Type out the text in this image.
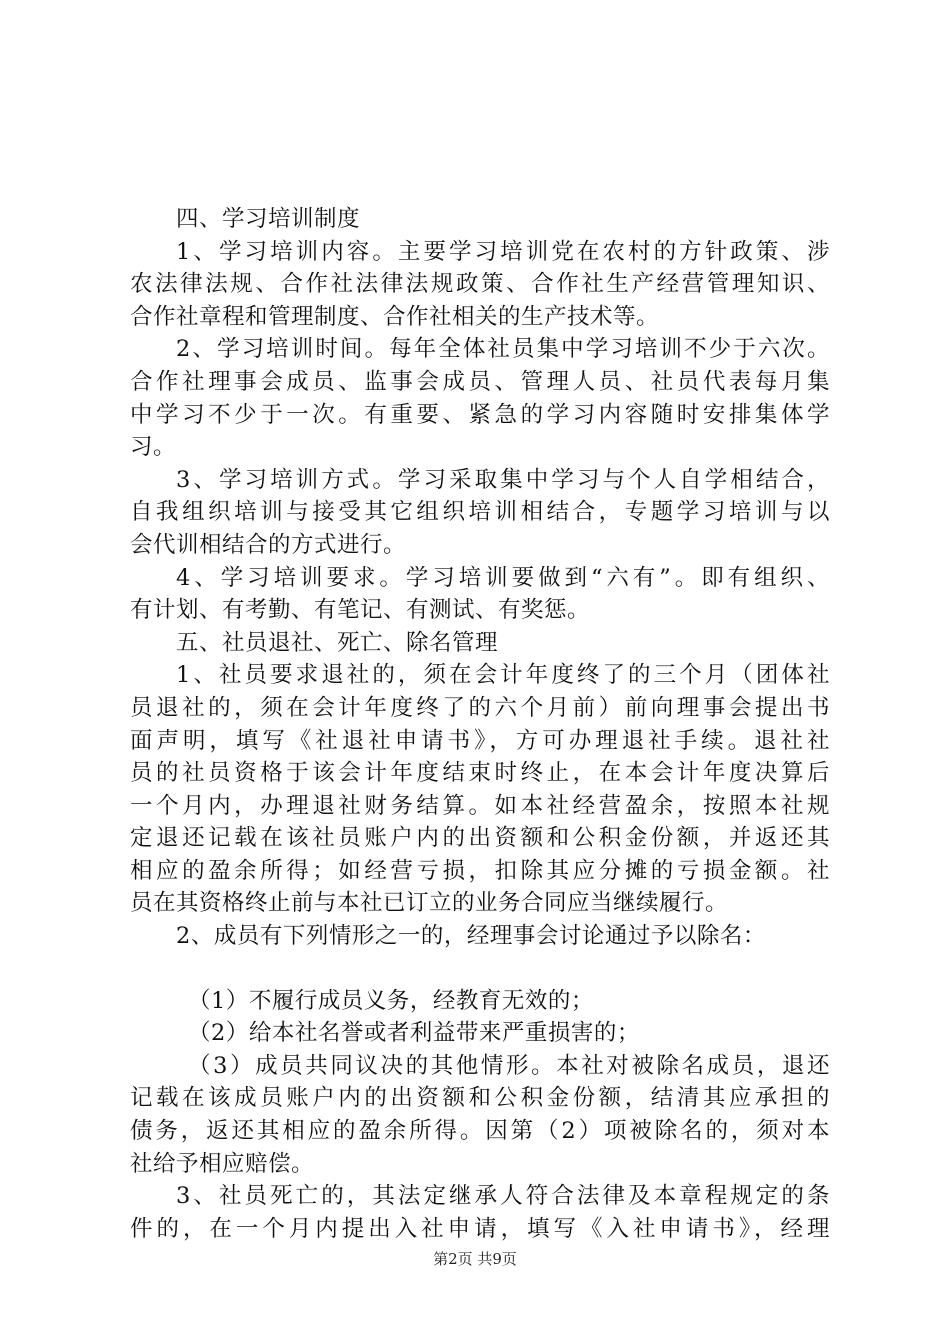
四、学习培训制度
1、学习培训内容。主要学习培训党在农村的方针政策、涉
农法律法规、合作社法律法规政策、合作社生产经营管理知识、
合作社章程和管理制度、合作社相关的生产技术等。
2、学习培训时间。每年全体社员集中学习培训不少于六次。
合作社理事会成员、监事会成员、管理人员、社员代表每月集
中学习不少于一次。有重要、紧急的学习内容随时安排集体学
习。
3、学习培训方式。学习采取集中学习与个人自学相结合，
自我组织培训与接受其它组织培训相结合，专题学习培训与以
会代训相结合的方式进行。
4、学习培训要求。学习培训要做到“六有”。即有组织、
有计划、有考勤、有笔记、有测试、有奖惩。
五、社员退社、死亡、除名管理
1、社员要求退社的，须在会计年度终了的三个月（团体社
员退社的，须在会计年度终了的六个月前）前向理事会提出书
面声明，填写《社退社申请书》，方可办理退社手续。退社社
员的社员资格于该会计年度结束时终止，在本会计年度决算后
一个月内，办理退社财务结算。如本社经营盈余，按照本社规
定退还记载在该社员账户内的出资额和公积金份额，并返还其
相应的盈余所得；如经营亏损，扣除其应分摊的亏损金额。社
员在其资格终止前与本社已订立的业务合同应当继续履行。
2、成员有下列情形之一的，经理事会讨论通过予以除名：
（1）不履行成员义务，经教育无效的；
（2）给本社名誉或者利益带来严重损害的；
（3）成员共同议决的其他情形。本社对被除名成员，退还
记载在该成员账户内的出资额和公积金份额，结清其应承担的
债务，返还其相应的盈余所得。因第（2）项被除名的，须对本
社给予相应赔偿。
3、社员死亡的，其法定继承人符合法律及本章程规定的条
件的，在一个月内提出入社申请，填写《入社申请书》，经理
第2页 共9页
